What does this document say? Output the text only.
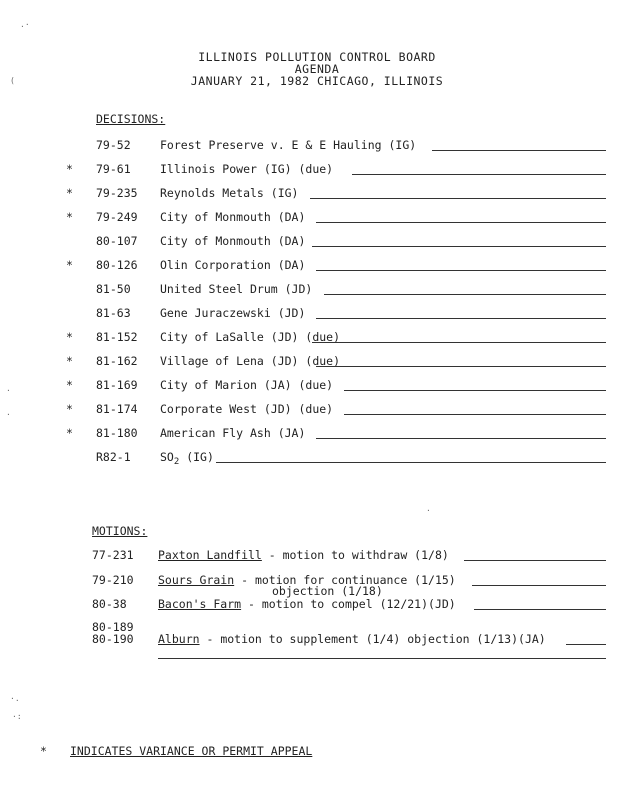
ILLINOIS POLLUTION CONTROL BOARD
AGENDA
JANUARY 21, 1982 CHICAGO, ILLINOIS
DECISIONS:
79-52	Forest Preserve v. E & E Hauling (IG)
* 79-61	Illinois Power (IG) (due)
* 79-235 Reynolds Metals (IG)
* 79-249 City of Monmouth (DA)
80-107 City of Monmouth (DA)
* 80-126 Olin Corporation (DA)
81-50	United Steel Drum (JD)
81-63	Gene Juraczewski (JD)
* 81-152 City of LaSalle (JD) (due)
* 81-162 Village of Lena (JD) (due)
* 81-169 City of Marion (JA) (due)
* 81-174 Corporate West (JD) (due)
* 81-180 American Fly Ash (JA)
R82-1	$SO_2$ (IG)
MOTIONS:
77-231 Paxton Landfill - motion to withdraw (1/8)
79-210 Sours Grain - motion for continuance (1/15)
objection (1/18)
80-38	Bacon's Farm - motion to compel (12/21)(JD)
80-189
80-190 Alburn - motion to supplement (1/4) objection (1/13)(JA)
* INDICATES VARIANCE OR PERMIT APPEAL
.·
(
.
.
.
·.
·:
